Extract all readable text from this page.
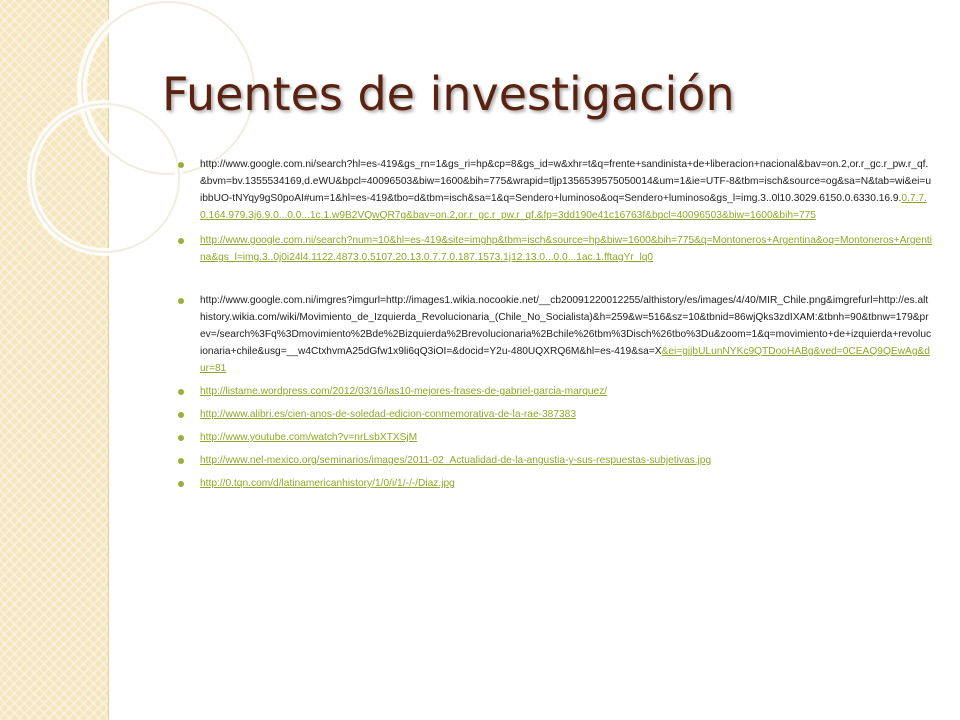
Fuentes de investigación
http://www.google.com.ni/search?hl=es-419&gs_rn=1&gs_ri=hp&cp=8&gs_id=w&xhr=t&q=frente+sandinista+de+liberacion+nacional&bav=on.2,or.r_gc.r_pw.r_qf.&bvm=bv.1355534169,d.eWU&bpcl=40096503&biw=1600&bih=775&wrapid=tljp1356539575050014&um=1&ie=UTF-8&tbm=isch&source=og&sa=N&tab=wi&ei=uibbUO-tNYqy9gS0poAI#um=1&hl=es-419&tbo=d&tbm=isch&sa=1&q=Sendero+luminoso&oq=Sendero+luminoso&gs_l=img.3..0l10.3029.6150.0.6330.16.9.0.7.7.0.164.979.3j6.9.0...0.0...1c.1.w9B2VQwQR7g&bav=on.2,or.r_gc.r_pw.r_qf.&fp=3dd190e41c16763f&bpcl=40096503&biw=1600&bih=775
http://www.google.com.ni/search?num=10&hl=es-419&site=imghp&tbm=isch&source=hp&biw=1600&bih=775&q=Montoneros+Argentina&oq=Montoneros+Argentina&gs_l=img.3..0j0i24l4.1122.4873.0.5107.20.13.0.7.7.0.187.1573.1j12.13.0...0.0...1ac.1.fftagYr_lq0
http://www.google.com.ni/imgres?imgurl=http://images1.wikia.nocookie.net/__cb20091220012255/althistory/es/images/4/40/MIR_Chile.png&imgrefurl=http://es.althistory.wikia.com/wiki/Movimiento_de_Izquierda_Revolucionaria_(Chile_No_Socialista)&h=259&w=516&sz=10&tbnid=86wjQks3zdIXAM:&tbnh=90&tbnw=179&prev=/search%3Fq%3Dmovimiento%2Bde%2Bizquierda%2Brevolucionaria%2Bchile%26tbm%3Disch%26tbo%3Du&zoom=1&q=movimiento+de+izquierda+revolucionaria+chile&usg=__w4CtxhvmA25dGfw1x9li6qQ3iOI=&docid=Y2u-480UQXRQ6M&hl=es-419&sa=X&ei=gjjbULunNYKc9QTDooHABg&ved=0CEAQ9QEwAg&dur=81
http://listame.wordpress.com/2012/03/16/las10-mejores-frases-de-gabriel-garcia-marquez/
http://www.alibri.es/cien-anos-de-soledad-edicion-conmemorativa-de-la-rae-387383
http://www.youtube.com/watch?v=nrLsbXTXSjM
http://www.nel-mexico.org/seminarios/images/2011-02_Actualidad-de-la-angustia-y-sus-respuestas-subjetivas.jpg
http://0.tqn.com/d/latinamericanhistory/1/0/i/1/-/-/Diaz.jpg
